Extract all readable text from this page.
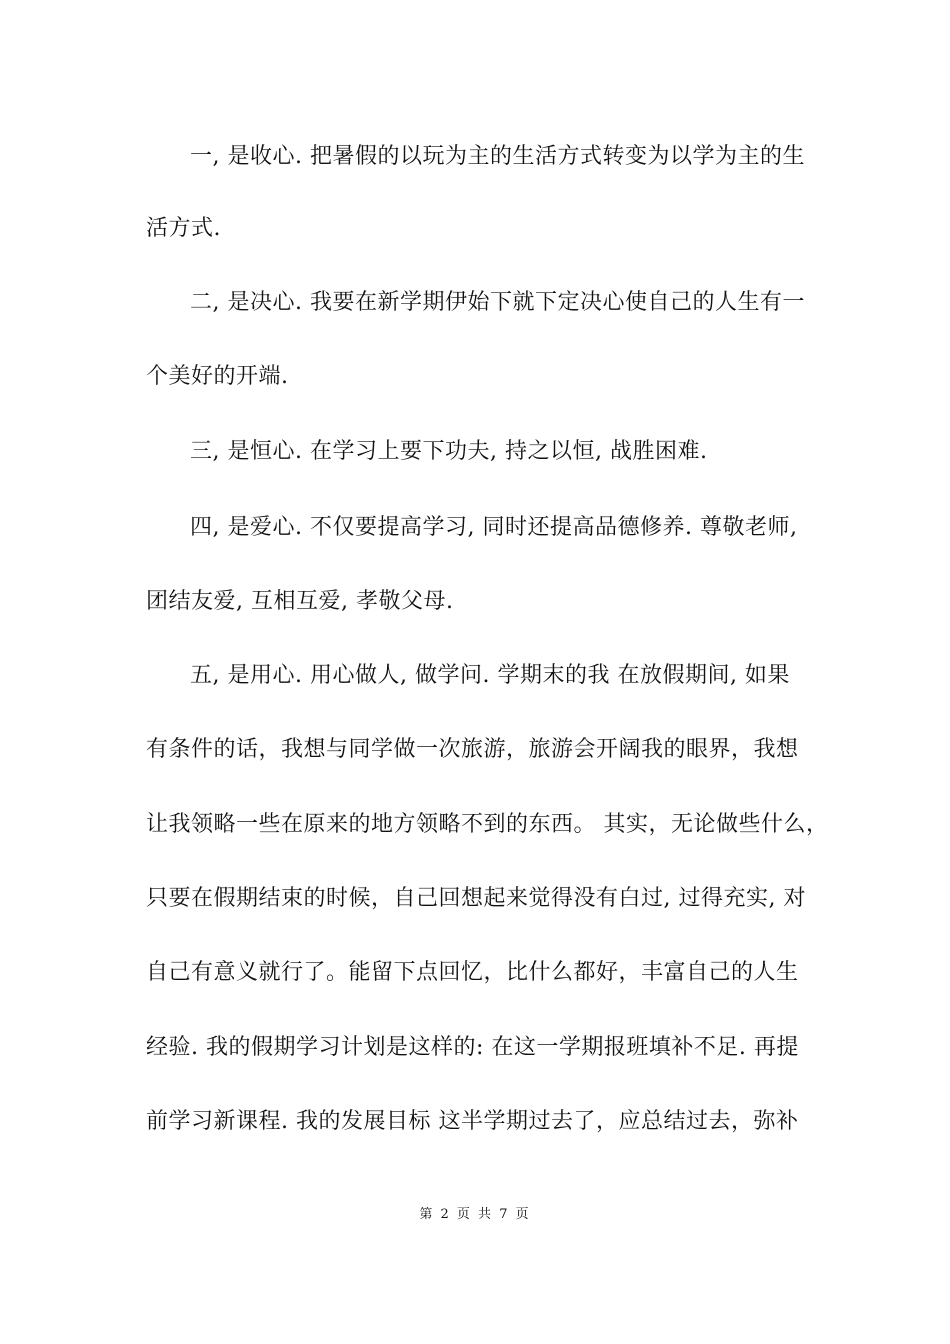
一, 是收心. 把暑假的以玩为主的生活方式转变为以学为主的生
活方式.
二, 是决心. 我要在新学期伊始下就下定决心使自己的人生有一
个美好的开端.
三, 是恒心. 在学习上要下功夫, 持之以恒, 战胜困难.
四, 是爱心. 不仅要提高学习, 同时还提高品德修养. 尊敬老师,
团结友爱, 互相互爱, 孝敬父母.
五, 是用心. 用心做人, 做学问. 学期末的我 在放假期间, 如果
有条件的话，我想与同学做一次旅游，旅游会开阔我的眼界，我想
让我领略一些在原来的地方领略不到的东西。 其实，无论做些什么，
只要在假期结束的时候，自己回想起来觉得没有白过, 过得充实, 对
自己有意义就行了。能留下点回忆，比什么都好，丰富自己的人生
经验. 我的假期学习计划是这样的: 在这一学期报班填补不足. 再提
前学习新课程. 我的发展目标 这半学期过去了，应总结过去，弥补
第 2 页 共 7 页
